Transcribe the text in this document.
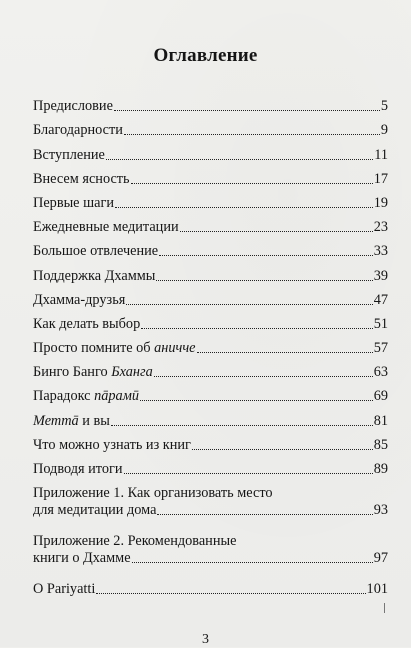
Оглавление
Предисловие	5
Благодарности	9
Вступление	11
Внесем ясность	17
Первые шаги	19
Ежедневные медитации	23
Большое отвлечение	33
Поддержка Дхаммы	39
Дхамма-друзья	47
Как делать выбор	51
Просто помните об аничче	57
Бинго Банго Бханга	63
Парадокс пāрамӣ	69
Меттā и вы	81
Что можно узнать из книг	85
Подводя итоги	89
Приложение 1. Как организовать место
для медитации дома	93
Приложение 2. Рекомендованные
книги о Дхамме	97
О Pariyatti	101
3
